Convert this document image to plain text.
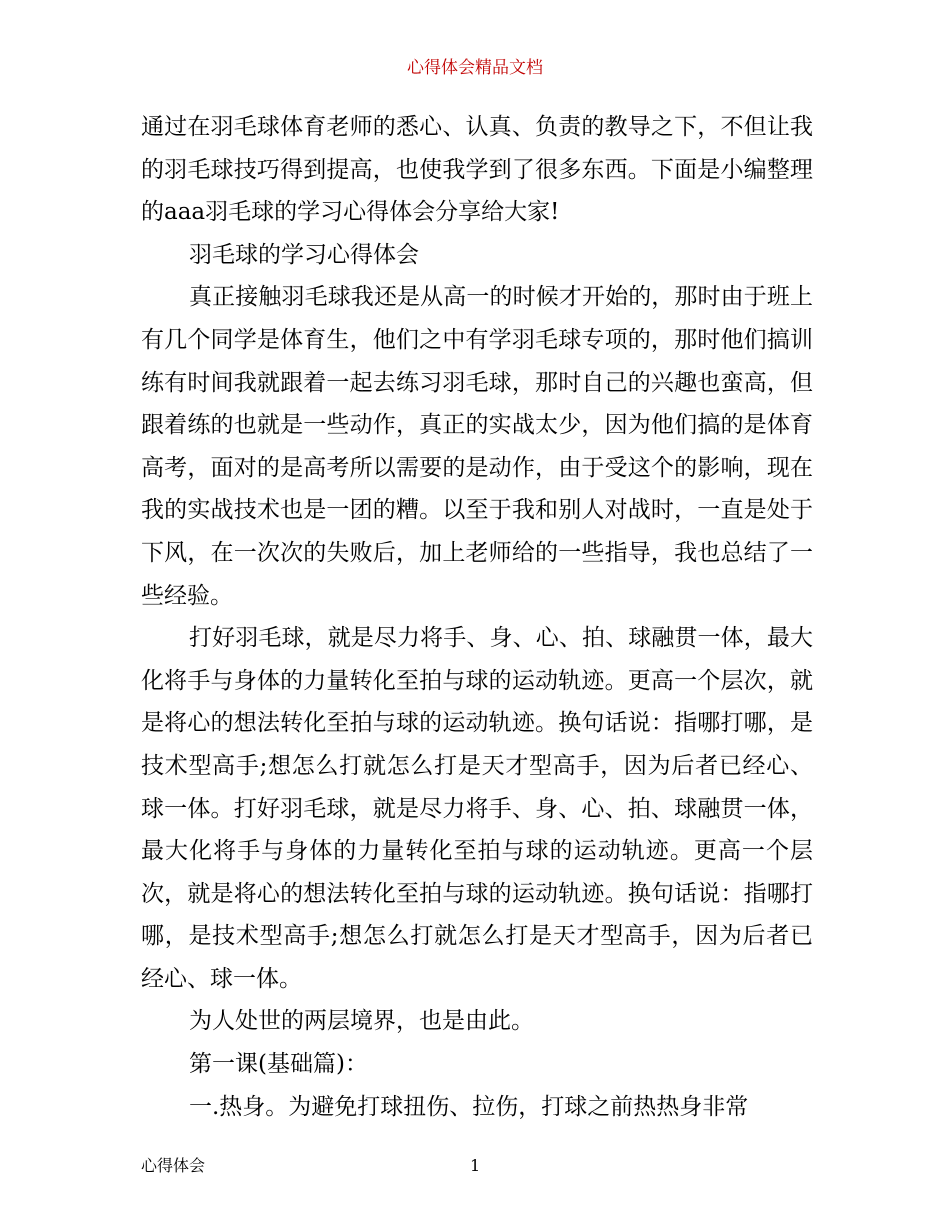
心得体会精品文档

通过在羽毛球体育老师的悉心、认真、负责的教导之下，不但让我的羽毛球技巧得到提高，也使我学到了很多东西。下面是小编整理的aaa羽毛球的学习心得体会分享给大家!

羽毛球的学习心得体会

真正接触羽毛球我还是从高一的时候才开始的，那时由于班上有几个同学是体育生，他们之中有学羽毛球专项的，那时他们搞训练有时间我就跟着一起去练习羽毛球，那时自己的兴趣也蛮高，但跟着练的也就是一些动作，真正的实战太少，因为他们搞的是体育高考，面对的是高考所以需要的是动作，由于受这个的影响，现在我的实战技术也是一团的糟。以至于我和别人对战时，一直是处于下风，在一次次的失败后，加上老师给的一些指导，我也总结了一些经验。

打好羽毛球，就是尽力将手、身、心、拍、球融贯一体，最大化将手与身体的力量转化至拍与球的运动轨迹。更高一个层次，就是将心的想法转化至拍与球的运动轨迹。换句话说：指哪打哪，是技术型高手;想怎么打就怎么打是天才型高手，因为后者已经心、球一体。打好羽毛球，就是尽力将手、身、心、拍、球融贯一体，最大化将手与身体的力量转化至拍与球的运动轨迹。更高一个层次，就是将心的想法转化至拍与球的运动轨迹。换句话说：指哪打哪，是技术型高手;想怎么打就怎么打是天才型高手，因为后者已经心、球一体。

为人处世的两层境界，也是由此。

第一课(基础篇)：

一.热身。为避免打球扭伤、拉伤，打球之前热热身非常

心得体会	1
